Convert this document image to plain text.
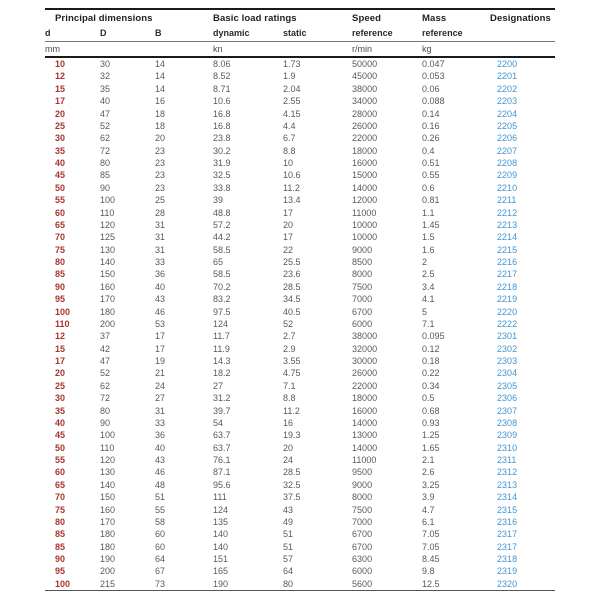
Principal dimensions			Basic load ratings		Speed	Mass	Designations
d	D	B	dynamic	static	reference	reference	
mm			kn		r/min	kg	
10	30	14	8.06	1.73	50000	0.047	2200
12	32	14	8.52	1.9	45000	0.053	2201
15	35	14	8.71	2.04	38000	0.06	2202
17	40	16	10.6	2.55	34000	0.088	2203
20	47	18	16.8	4.15	28000	0.14	2204
25	52	18	16.8	4.4	26000	0.16	2205
30	62	20	23.8	6.7	22000	0.26	2206
35	72	23	30.2	8.8	18000	0.4	2207
40	80	23	31.9	10	16000	0.51	2208
45	85	23	32.5	10.6	15000	0.55	2209
50	90	23	33.8	11.2	14000	0.6	2210
55	100	25	39	13.4	12000	0.81	2211
60	110	28	48.8	17	11000	1.1	2212
65	120	31	57.2	20	10000	1.45	2213
70	125	31	44.2	17	10000	1.5	2214
75	130	31	58.5	22	9000	1.6	2215
80	140	33	65	25.5	8500	2	2216
85	150	36	58.5	23.6	8000	2.5	2217
90	160	40	70.2	28.5	7500	3.4	2218
95	170	43	83.2	34.5	7000	4.1	2219
100	180	46	97.5	40.5	6700	5	2220
110	200	53	124	52	6000	7.1	2222
12	37	17	11.7	2.7	38000	0.095	2301
15	42	17	11.9	2.9	32000	0.12	2302
17	47	19	14.3	3.55	30000	0.18	2303
20	52	21	18.2	4.75	26000	0.22	2304
25	62	24	27	7.1	22000	0.34	2305
30	72	27	31.2	8.8	18000	0.5	2306
35	80	31	39.7	11.2	16000	0.68	2307
40	90	33	54	16	14000	0.93	2308
45	100	36	63.7	19.3	13000	1.25	2309
50	110	40	63.7	20	14000	1.65	2310
55	120	43	76.1	24	11000	2.1	2311
60	130	46	87.1	28.5	9500	2.6	2312
65	140	48	95.6	32.5	9000	3.25	2313
70	150	51	111	37.5	8000	3.9	2314
75	160	55	124	43	7500	4.7	2315
80	170	58	135	49	7000	6.1	2316
85	180	60	140	51	6700	7.05	2317
85	180	60	140	51	6700	7.05	2317
90	190	64	151	57	6300	8.45	2318
95	200	67	165	64	6000	9.8	2319
100	215	73	190	80	5600	12.5	2320
